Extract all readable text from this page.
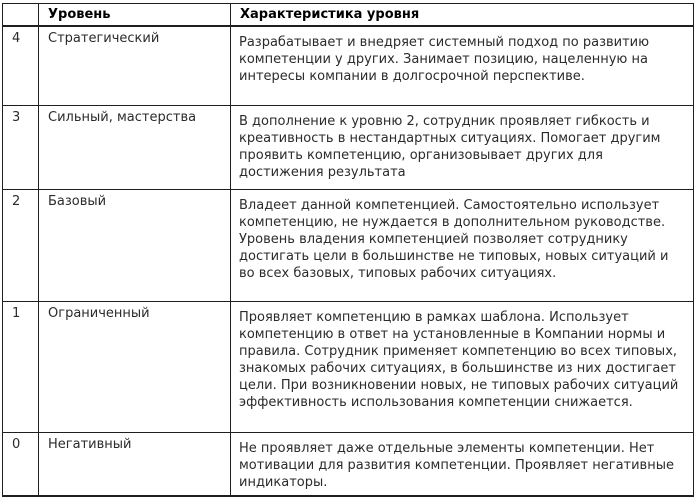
	Уровень	Характеристика уровня
4	Стратегический	Разрабатывает и внедряет системный подход по развитию компетенции у других. Занимает позицию, нацеленную на интересы компании в долгосрочной перспективе.
3	Сильный, мастерства	В дополнение к уровню 2, сотрудник проявляет гибкость и креативность в нестандартных ситуациях. Помогает другим проявить компетенцию, организовывает других для достижения результата
2	Базовый	Владеет данной компетенцией. Самостоятельно использует компетенцию, не нуждается в дополнительном руководстве. Уровень владения компетенцией позволяет сотруднику достигать цели в большинстве не типовых, новых ситуаций и во всех базовых, типовых рабочих ситуациях.
1	Ограниченный	Проявляет компетенцию в рамках шаблона. Использует компетенцию в ответ на установленные в Компании нормы и правила. Сотрудник применяет компетенцию во всех типовых, знакомых рабочих ситуациях, в большинстве из них достигает цели. При возникновении новых, не типовых рабочих ситуаций эффективность использования компетенции снижается.
0	Негативный	Не проявляет даже отдельные элементы компетенции. Нет мотивации для развития компетенции. Проявляет негативные индикаторы.
